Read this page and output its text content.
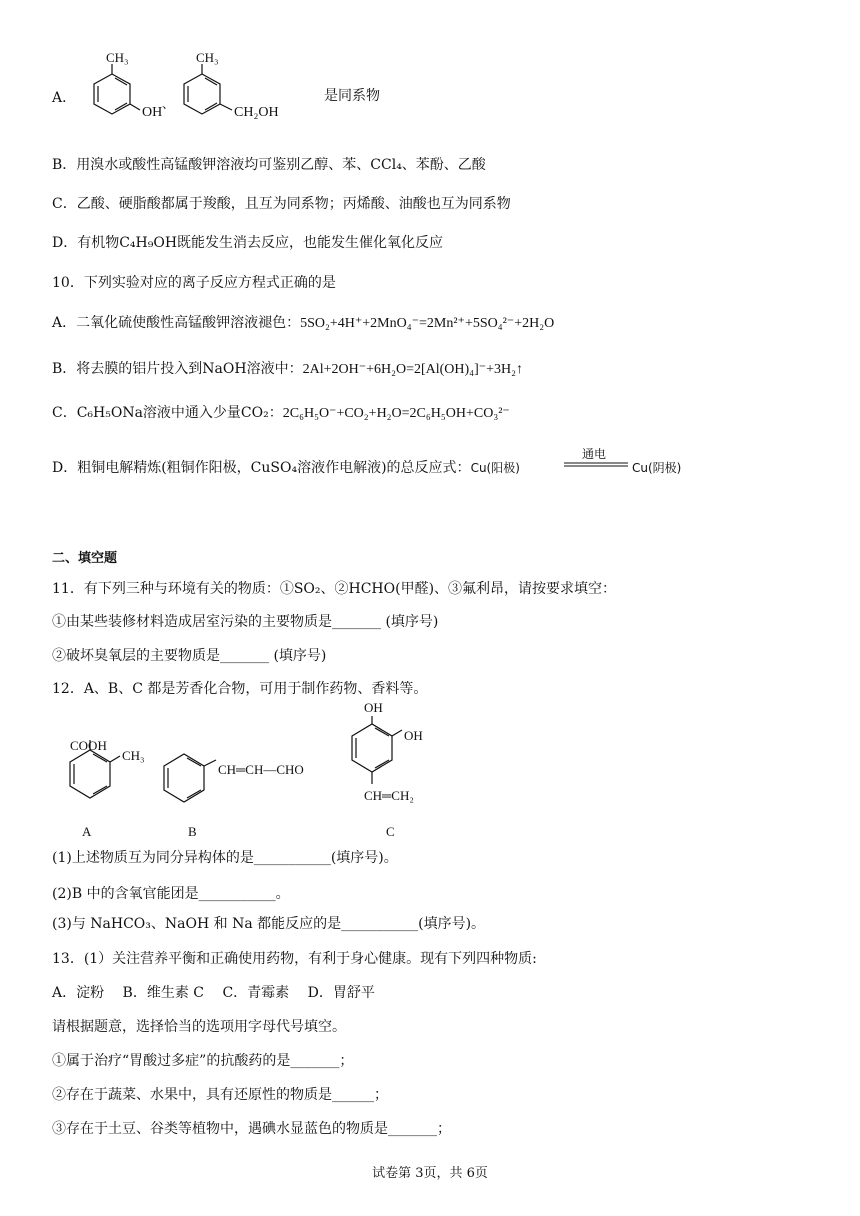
A．
CH₃
OH
、
CH₃
CH₂OH
是同系物
B．用溴水或酸性高锰酸钾溶液均可鉴别乙醇、苯、CCl₄、苯酚、乙酸
C．乙酸、硬脂酸都属于羧酸，且互为同系物；丙烯酸、油酸也互为同系物
D．有机物C₄H₉OH既能发生消去反应，也能发生催化氧化反应
10．下列实验对应的离子反应方程式正确的是
A．二氧化硫使酸性高锰酸钾溶液褪色：5SO₂+4H⁺+2MnO₄⁻=2Mn²⁺+5SO₄²⁻+2H₂O
B．将去膜的铝片投入到NaOH溶液中：2Al+2OH⁻+6H₂O=2[Al(OH)₄]⁻+3H₂↑
C．C₆H₅ONa溶液中通入少量CO₂：2C₆H₅O⁻+CO₂+H₂O=2C₆H₅OH+CO₃²⁻
D．粗铜电解精炼(粗铜作阳极，CuSO₄溶液作电解液)的总反应式：Cu(阳极)
通电
Cu(阴极)
二、填空题
11．有下列三种与环境有关的物质：①SO₂、②HCHO(甲醛)、③氟利昂，请按要求填空：
①由某些装修材料造成居室污染的主要物质是_______ (填序号)
②破坏臭氧层的主要物质是_______ (填序号)
12．A、B、C 都是芳香化合物，可用于制作药物、香料等。
COOH
CH₃
A
CH═CH—CHO
B
OH
OH
CH═CH₂
C
(1)上述物质互为同分异构体的是___________(填序号)。
(2)B 中的含氧官能团是___________。
(3)与 NaHCO₃、NaOH 和 Na 都能反应的是___________(填序号)。
13．(1）关注营养平衡和正确使用药物，有利于身心健康。现有下列四种物质:
A．淀粉　 B．维生素 C　 C．青霉素　 D．胃舒平
请根据题意，选择恰当的选项用字母代号填空。
①属于治疗“胃酸过多症”的抗酸药的是_______；
②存在于蔬菜、水果中，具有还原性的物质是______；
③存在于土豆、谷类等植物中，遇碘水显蓝色的物质是_______；
试卷第 3页，共 6页
